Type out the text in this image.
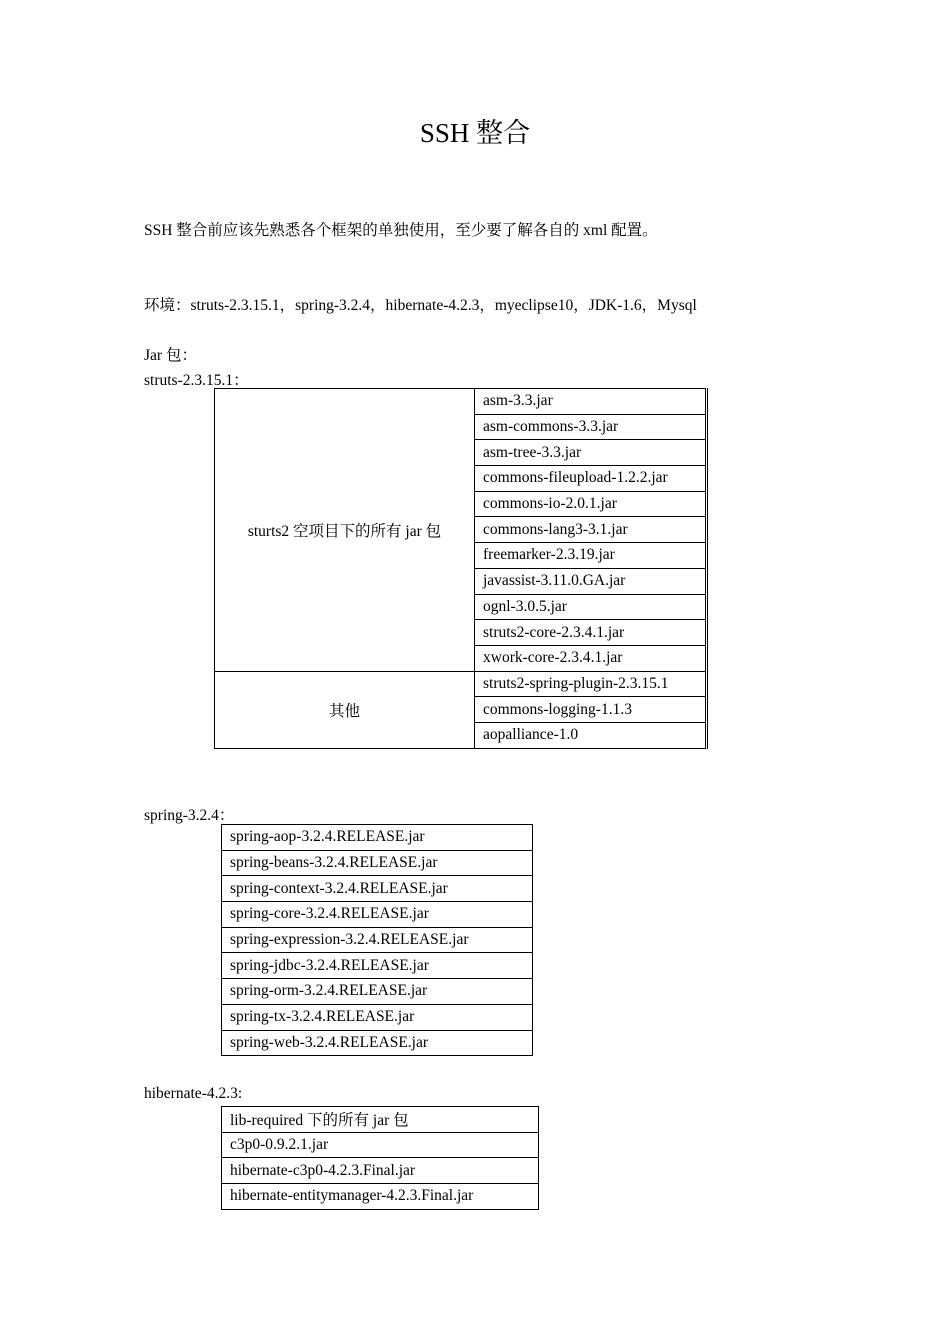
SSH 整合
SSH 整合前应该先熟悉各个框架的单独使用，至少要了解各自的 xml 配置。
环境：struts-2.3.15.1，spring-3.2.4，hibernate-4.2.3，myeclipse10，JDK-1.6，Mysql
Jar 包：
struts-2.3.15.1：
sturts2 空项目下的所有 jar 包	asm-3.3.jar
	asm-commons-3.3.jar
	asm-tree-3.3.jar
	commons-fileupload-1.2.2.jar
	commons-io-2.0.1.jar
	commons-lang3-3.1.jar
	freemarker-2.3.19.jar
	javassist-3.11.0.GA.jar
	ognl-3.0.5.jar
	struts2-core-2.3.4.1.jar
	xwork-core-2.3.4.1.jar
其他	struts2-spring-plugin-2.3.15.1
	commons-logging-1.1.3
	aopalliance-1.0
spring-3.2.4：
spring-aop-3.2.4.RELEASE.jar
spring-beans-3.2.4.RELEASE.jar
spring-context-3.2.4.RELEASE.jar
spring-core-3.2.4.RELEASE.jar
spring-expression-3.2.4.RELEASE.jar
spring-jdbc-3.2.4.RELEASE.jar
spring-orm-3.2.4.RELEASE.jar
spring-tx-3.2.4.RELEASE.jar
spring-web-3.2.4.RELEASE.jar
hibernate-4.2.3:
lib-required 下的所有 jar 包
c3p0-0.9.2.1.jar
hibernate-c3p0-4.2.3.Final.jar
hibernate-entitymanager-4.2.3.Final.jar
